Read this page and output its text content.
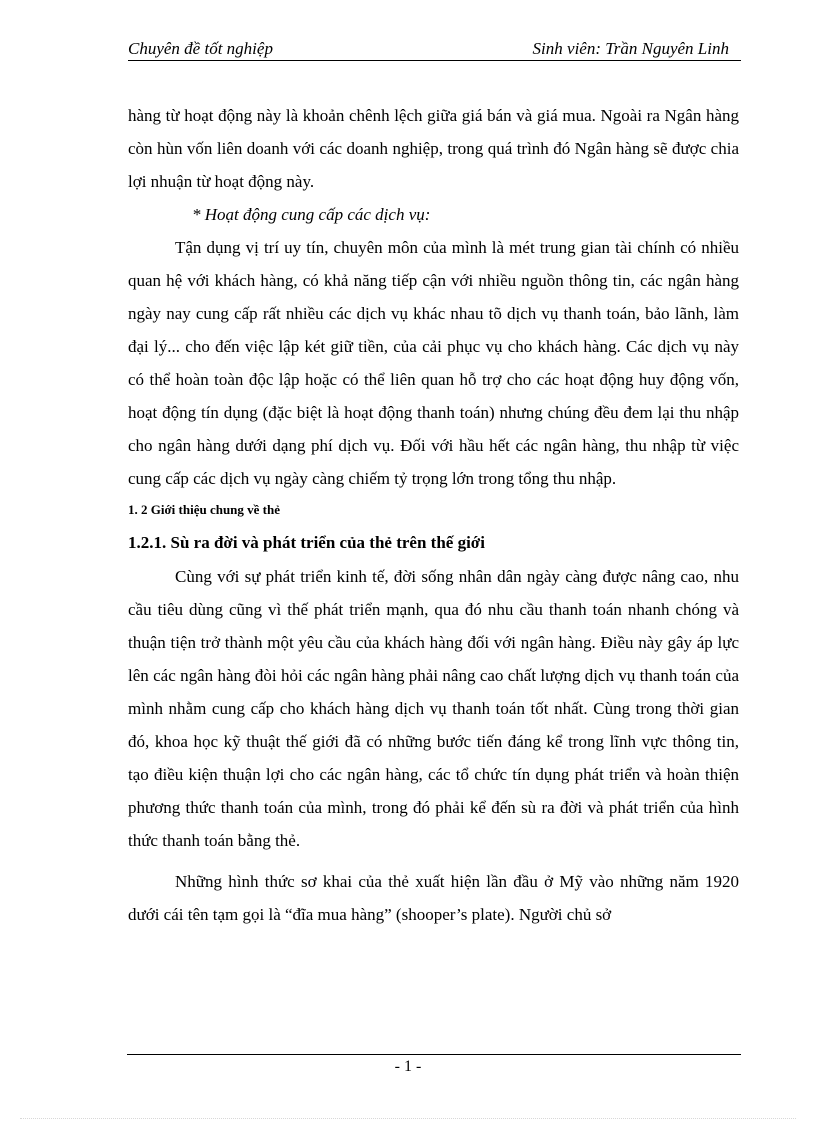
Chuyên đề tốt nghiệp	Sinh viên: Trần Nguyên Linh

hàng từ hoạt động này là khoản chênh lệch giữa giá bán và giá mua. Ngoài ra Ngân hàng còn hùn vốn liên doanh với các doanh nghiệp, trong quá trình đó Ngân hàng sẽ được chia lợi nhuận từ hoạt động này.

* Hoạt động cung cấp các dịch vụ:

Tận dụng vị trí uy tín, chuyên môn của mình là mét trung gian tài chính có nhiều quan hệ với khách hàng, có khả năng tiếp cận với nhiều nguồn thông tin, các ngân hàng ngày nay cung cấp rất nhiều các dịch vụ khác nhau tõ dịch vụ thanh toán, bảo lãnh, làm đại lý... cho đến việc lập két giữ tiền, của cải phục vụ cho khách hàng. Các dịch vụ này có thể hoàn toàn độc lập hoặc có thể liên quan hỗ trợ cho các hoạt động huy động vốn, hoạt động tín dụng (đặc biệt là hoạt động thanh toán) nhưng chúng đều đem lại thu nhập cho ngân hàng dưới dạng phí dịch vụ. Đối với hầu hết các ngân hàng, thu nhập từ việc cung cấp các dịch vụ ngày càng chiếm tỷ trọng lớn trong tổng thu nhập.

1. 2 Giới thiệu chung về thẻ

1.2.1. Sù ra đời và phát triển của thẻ trên thế giới

Cùng với sự phát triển kinh tế, đời sống nhân dân ngày càng được nâng cao, nhu cầu tiêu dùng cũng vì thế phát triển mạnh, qua đó nhu cầu thanh toán nhanh chóng và thuận tiện trở thành một yêu cầu của khách hàng đối với ngân hàng. Điều này gây áp lực lên các ngân hàng đòi hỏi các ngân hàng phải nâng cao chất lượng dịch vụ thanh toán của mình nhằm cung cấp cho khách hàng dịch vụ thanh toán tốt nhất. Cùng trong thời gian đó, khoa học kỹ thuật thế giới đã có những bước tiến đáng kể trong lĩnh vực thông tin, tạo điều kiện thuận lợi cho các ngân hàng, các tổ chức tín dụng phát triển và hoàn thiện phương thức thanh toán của mình, trong đó phải kể đến sù ra đời và phát triển của hình thức thanh toán bằng thẻ.

Những hình thức sơ khai của thẻ xuất hiện lần đầu ở Mỹ vào những năm 1920 dưới cái tên tạm gọi là “đĩa mua hàng” (shooper’s plate). Người chủ sở

- 1 -
